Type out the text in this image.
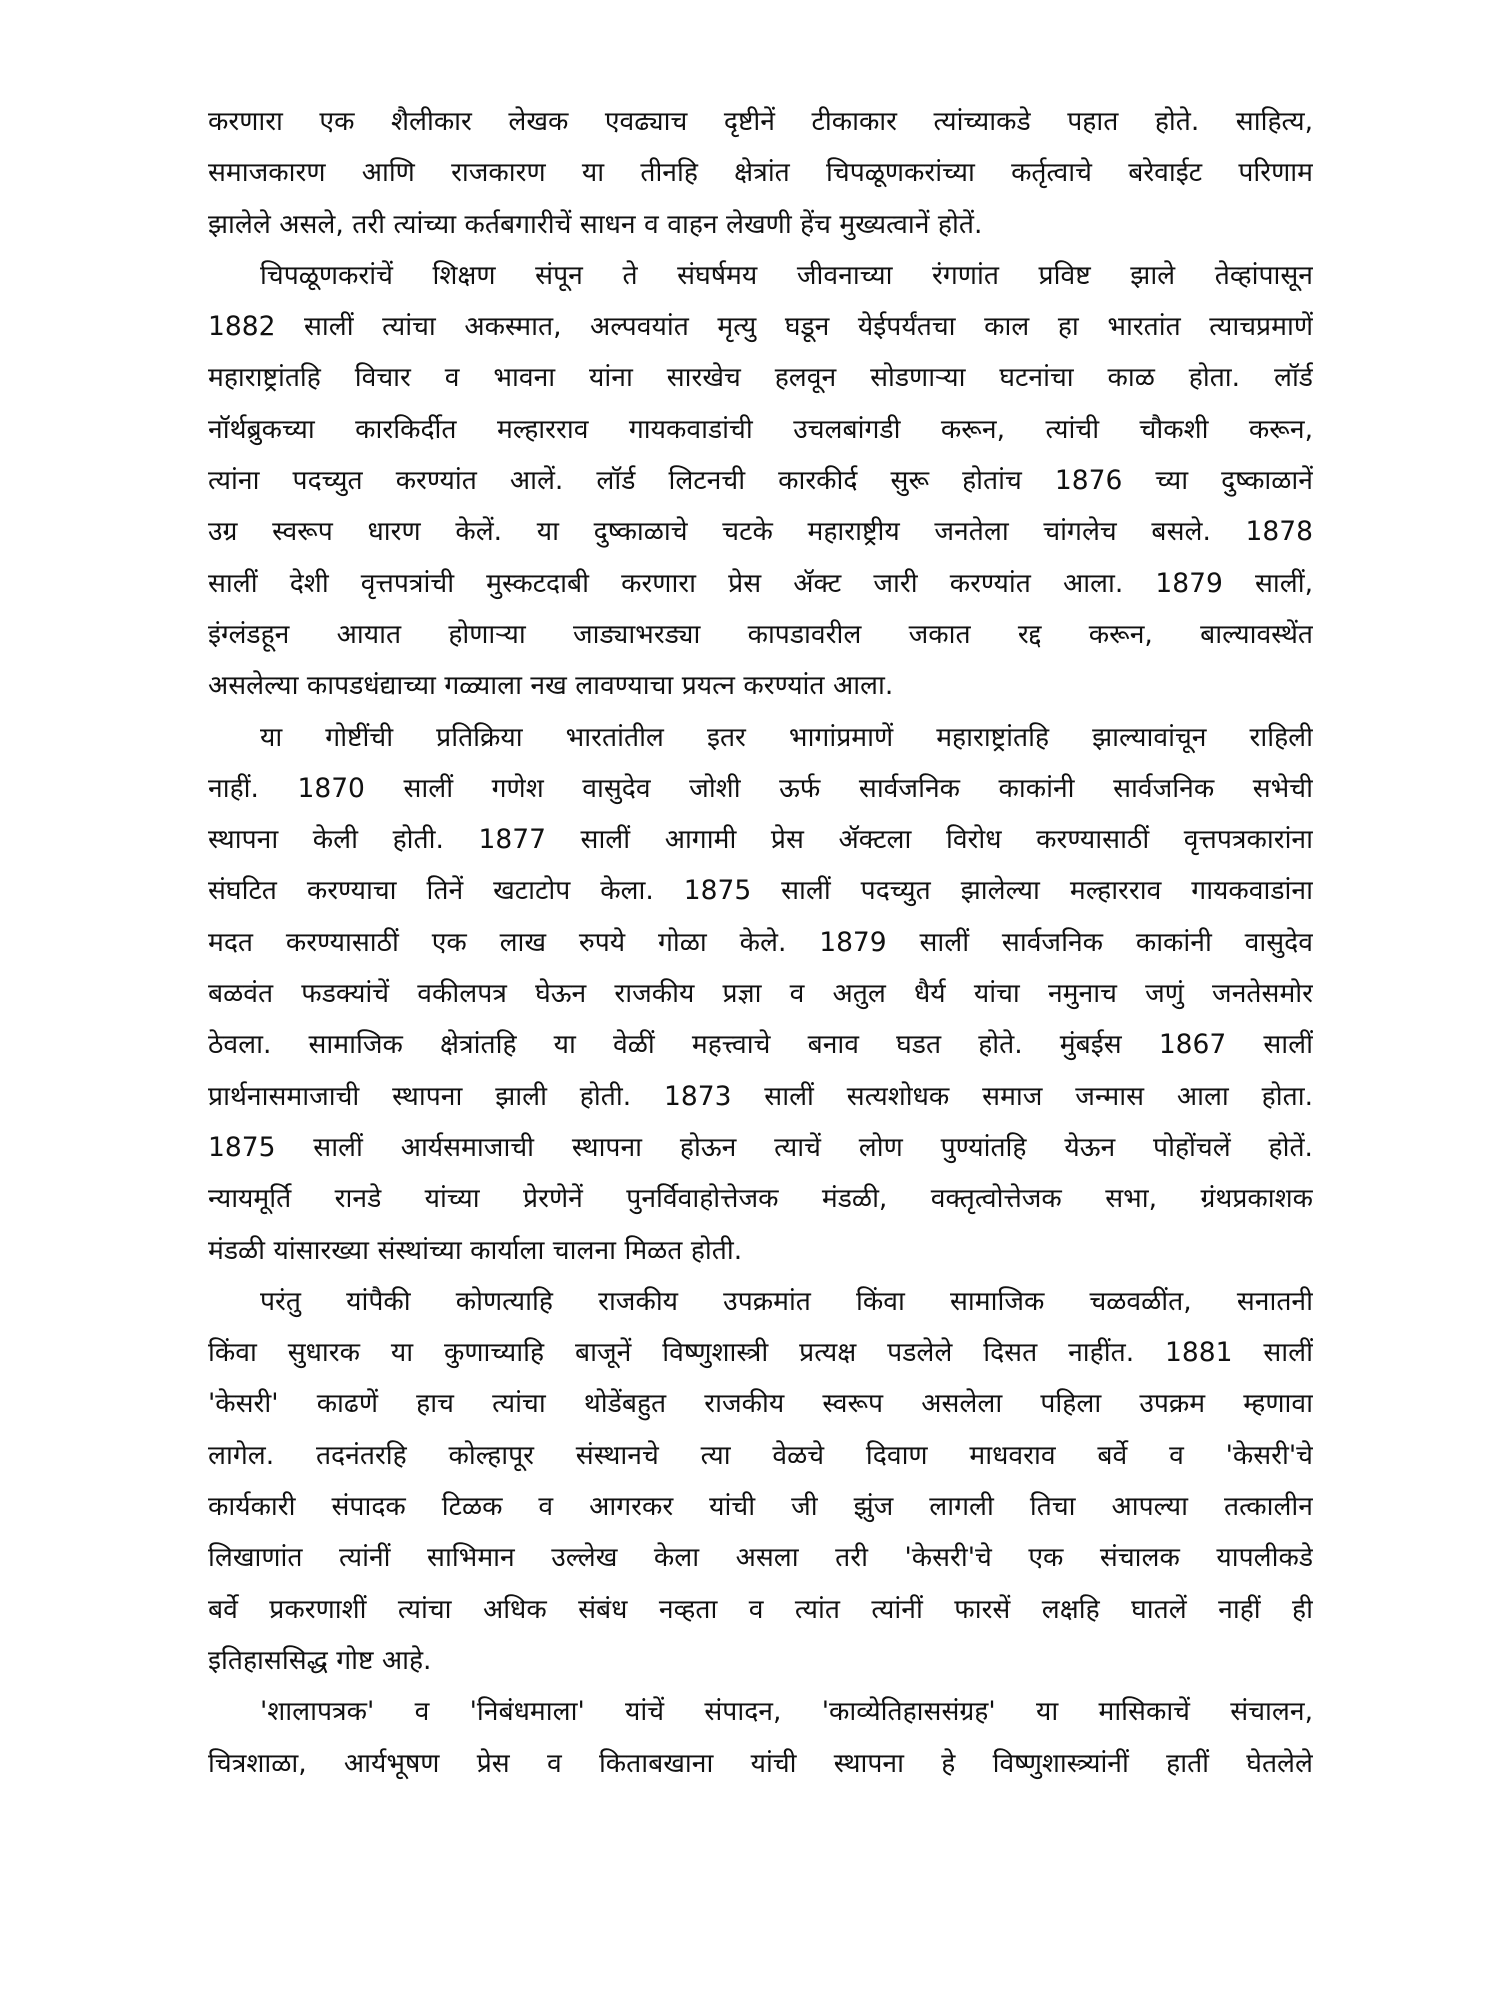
करणारा एक शैलीकार लेखक एवढ्याच दृष्टीनें टीकाकार त्यांच्याकडे पहात होते. साहित्य,
समाजकारण आणि राजकारण या तीनहि क्षेत्रांत चिपळूणकरांच्या कर्तृत्वाचे बरेवाईट परिणाम
झालेले असले, तरी त्यांच्या कर्तबगारीचें साधन व वाहन लेखणी हेंच मुख्यत्वानें होतें.
चिपळूणकरांचें शिक्षण संपून ते संघर्षमय जीवनाच्या रंगणांत प्रविष्ट झाले तेव्हांपासून
1882 सालीं त्यांचा अकस्मात, अल्पवयांत मृत्यु घडून येईपर्यंतचा काल हा भारतांत त्याचप्रमाणें
महाराष्ट्रांतहि विचार व भावना यांना सारखेच हलवून सोडणाऱ्या घटनांचा काळ होता. लॉर्ड
नॉर्थब्रुकच्या कारकिर्दीत मल्हारराव गायकवाडांची उचलबांगडी करून, त्यांची चौकशी करून,
त्यांना पदच्युत करण्यांत आलें. लॉर्ड लिटनची कारकीर्द सुरू होतांच 1876 च्या दुष्काळानें
उग्र स्वरूप धारण केलें. या दुष्काळाचे चटके महाराष्ट्रीय जनतेला चांगलेच बसले. 1878
सालीं देशी वृत्तपत्रांची मुस्कटदाबी करणारा प्रेस ॲक्ट जारी करण्यांत आला. 1879 सालीं,
इंग्लंडहून आयात होणाऱ्या जाड्याभरड्या कापडावरील जकात रद्द करून, बाल्यावस्थेंत
असलेल्या कापडधंद्याच्या गळ्याला नख लावण्याचा प्रयत्न करण्यांत आला.
या गोष्टींची प्रतिक्रिया भारतांतील इतर भागांप्रमाणें महाराष्ट्रांतहि झाल्यावांचून राहिली
नाहीं. 1870 सालीं गणेश वासुदेव जोशी ऊर्फ सार्वजनिक काकांनी सार्वजनिक सभेची
स्थापना केली होती. 1877 सालीं आगामी प्रेस ॲक्टला विरोध करण्यासाठीं वृत्तपत्रकारांना
संघटित करण्याचा तिनें खटाटोप केला. 1875 सालीं पदच्युत झालेल्या मल्हारराव गायकवाडांना
मदत करण्यासाठीं एक लाख रुपये गोळा केले. 1879 सालीं सार्वजनिक काकांनी वासुदेव
बळवंत फडक्यांचें वकीलपत्र घेऊन राजकीय प्रज्ञा व अतुल धैर्य यांचा नमुनाच जणुं जनतेसमोर
ठेवला. सामाजिक क्षेत्रांतहि या वेळीं महत्त्वाचे बनाव घडत होते. मुंबईस 1867 सालीं
प्रार्थनासमाजाची स्थापना झाली होती. 1873 सालीं सत्यशोधक समाज जन्मास आला होता.
1875 सालीं आर्यसमाजाची स्थापना होऊन त्याचें लोण पुण्यांतहि येऊन पोहोंचलें होतें.
न्यायमूर्ति रानडे यांच्या प्रेरणेनें पुनर्विवाहोत्तेजक मंडळी, वक्तृत्वोत्तेजक सभा, ग्रंथप्रकाशक
मंडळी यांसारख्या संस्थांच्या कार्याला चालना मिळत होती.
परंतु यांपैकी कोणत्याहि राजकीय उपक्रमांत किंवा सामाजिक चळवळींत, सनातनी
किंवा सुधारक या कुणाच्याहि बाजूनें विष्णुशास्त्री प्रत्यक्ष पडलेले दिसत नाहींत. 1881 सालीं
'केसरी' काढणें हाच त्यांचा थोडेंबहुत राजकीय स्वरूप असलेला पहिला उपक्रम म्हणावा
लागेल. तदनंतरहि कोल्हापूर संस्थानचे त्या वेळचे दिवाण माधवराव बर्वे व 'केसरी'चे
कार्यकारी संपादक टिळक व आगरकर यांची जी झुंज लागली तिचा आपल्या तत्कालीन
लिखाणांत त्यांनीं साभिमान उल्लेख केला असला तरी 'केसरी'चे एक संचालक यापलीकडे
बर्वे प्रकरणाशीं त्यांचा अधिक संबंध नव्हता व त्यांत त्यांनीं फारसें लक्षहि घातलें नाहीं ही
इतिहाससिद्ध गोष्ट आहे.
'शालापत्रक' व 'निबंधमाला' यांचें संपादन, 'काव्येतिहाससंग्रह' या मासिकाचें संचालन,
चित्रशाळा, आर्यभूषण प्रेस व किताबखाना यांची स्थापना हे विष्णुशास्त्र्यांनीं हातीं घेतलेले
